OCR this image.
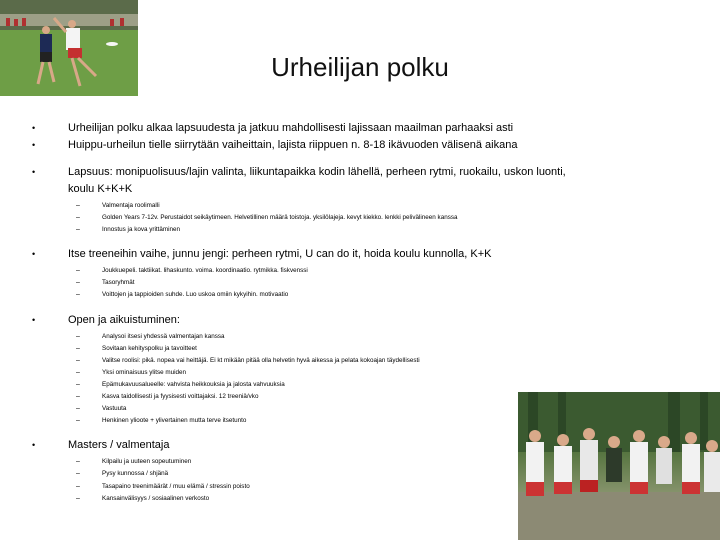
Urheilijan polku
•	Urheilijan polku alkaa lapsuudesta ja jatkuu mahdollisesti lajissaan maailman parhaaksi asti
•	Huippu-urheilun tielle siirrytään vaiheittain, lajista riippuen n. 8-18 ikävuoden välisenä aikana
•	Lapsuus: monipuolisuus/lajin valinta, liikuntapaikka kodin lähellä, perheen rytmi, ruokailu, uskon luonti, koulu K+K+K
–	Valmentaja roolimalli
–	Golden Years 7-12v. Perustaidot seikäytimeen. Helvetillinen määrä toistoja. yksilölajeja. kevyt kiekko. lenkki pelivälineen kanssa
–	Innostus ja kova yrittäminen
•	Itse treeneihin vaihe, junnu jengi: perheen rytmi, U can do it, hoida koulu kunnolla, K+K
–	Joukkuepeli. taktiikat. lihaskunto. voima. koordinaatio. rytmikka. fiskvenssi
–	Tasoryhmät
–	Voittojen ja tappioiden suhde. Luo uskoa omiin kykyihin. motivaatio
•	Open ja aikuistuminen:
–	Analysoi itsesi yhdessä valmentajan kanssa
–	Sovitaan kehityspolku ja tavoitteet
–	Valitse roolisi: pikä. nopea vai heittäjä. Ei kt mikään pitää olla helvetin hyvä aikessa ja pelata kokoajan täydellisesti
–	Yksi ominaisuus ylitse muiden
–	Epämukavuusalueelle: vahvista heikkouksia ja jalosta vahvuuksia
–	Kasva taidollisesti ja fyysisesti voittajaksi. 12 treeniä/vko
–	Vastuuta
–	Henkinen ylioote + ylivertainen mutta terve itsetunto
•	Masters / valmentaja
–	Kilpailu ja uuteen sopeutuminen
–	Pysy kunnossa / shjänä
–	Tasapaino treenimäärät / muu elämä / stressin poisto
–	Kansainvälisyys / sosiaalinen verkosto
